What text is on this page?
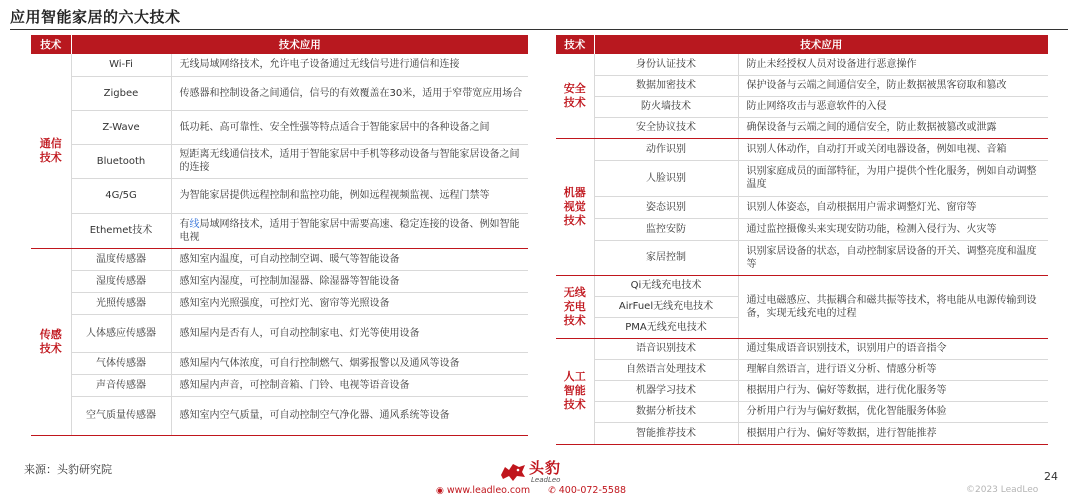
应用智能家居的六大技术
技术	技术应用	
通信技术	Wi-Fi	无线局域网络技术，允许电子设备通过无线信号进行通信和连接
	Zigbee	传感器和控制设备之间通信，信号的有效覆盖在30米，适用于窄带宽应用场合
	Z-Wave	低功耗、高可靠性、安全性强等特点适合于智能家居中的各种设备之间
	Bluetooth	短距离无线通信技术，适用于智能家居中手机等移动设备与智能家居设备之间的连接
	4G/5G	为智能家居提供远程控制和监控功能，例如远程视频监视、远程门禁等
	Ethemet技术	有线局域网络技术，适用于智能家居中需要高速、稳定连接的设备、例如智能电视
传感技术	温度传感器	感知室内温度，可自动控制空调、暖气等智能设备
	湿度传感器	感知室内湿度，可控制加湿器、除湿器等智能设备
	光照传感器	感知室内光照强度，可控灯光、窗帘等光照设备
	人体感应传感器	感知屋内是否有人，可自动控制家电、灯光等使用设备
	气体传感器	感知屋内气体浓度，可自行控制燃气、烟雾报警以及通风等设备
	声音传感器	感知屋内声音，可控制音箱、门铃、电视等语音设备
	空气质量传感器	感知室内空气质量，可自动控制空气净化器、通风系统等设备
技术	技术应用	
安全技术	身份认证技术	防止未经授权人员对设备进行恶意操作
	数据加密技术	保护设备与云端之间通信安全，防止数据被黑客窃取和篡改
	防火墙技术	防止网络攻击与恶意软件的入侵
	安全协议技术	确保设备与云端之间的通信安全，防止数据被篡改或泄露
机器视觉技术	动作识别	识别人体动作，自动打开或关闭电器设备，例如电视、音箱
	人脸识别	识别家庭成员的面部特征，为用户提供个性化服务，例如自动调整温度
	姿态识别	识别人体姿态，自动根据用户需求调整灯光、窗帘等
	监控安防	通过监控摄像头来实现安防功能，检测入侵行为、火灾等
	家居控制	识别家居设备的状态，自动控制家居设备的开关、调整亮度和温度等
无线充电技术	Qi无线充电技术	通过电磁感应、共振耦合和磁共振等技术，将电能从电源传输到设备，实现无线充电的过程
	AirFuel无线充电技术	
	PMA无线充电技术	
人工智能技术	语音识别技术	通过集成语音识别技术，识别用户的语音指令
	自然语言处理技术	理解自然语言，进行语义分析、情感分析等
	机器学习技术	根据用户行为、偏好等数据，进行优化服务等
	数据分析技术	分析用户行为与偏好数据，优化智能服务体验
	智能推荐技术	根据用户行为、偏好等数据，进行智能推荐
来源：头豹研究院	头豹
LeadLeo
◉ www.leadleo.com ✆ 400-072-5588
24
©2023 LeadLeo
